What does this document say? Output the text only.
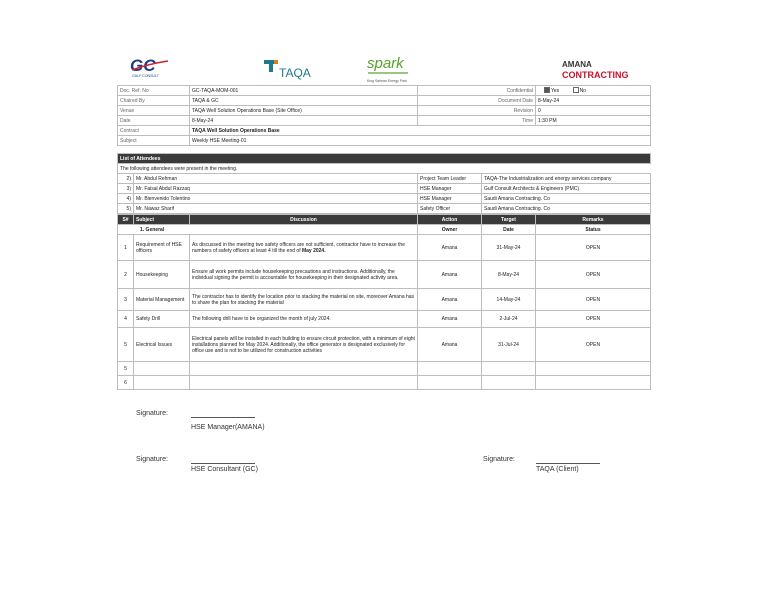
GC
GULF CONSULT	TAQA
spark
King Salman Energy Park
AMANA
CONTRACTING
Doc. Ref. No	GC-TAQA-MOM-001	Confidential	Yes No
Chaired By	TAQA & GC	Document Date	8-May-24
Venue	TAQA Well Solution Operations Base (Site Office)	Revision	0
Date	8-May-24	Time	1:30 PM
Contract	TAQA Well Solution Operations Base		
Subject	Weekly HSE Meeting-01		
List of Attendees			
The following attendees were present in the meeting.			
2)	Mr. Abdul Rehman	Project Team Leader	TAQA-The Industrialization and energy services company
3)	Mr. Faisal Abdul Razzaq	HSE Manager	Gulf Consult Architects & Engineers (PMC)
4)	Mr. Bienvenido Tolentino	HSE Manager	Saudi Amana Contracting. Co
5)	Mr. Nawaz Sharif	Safety Officer	Saudi Amana Contracting. Co
S#	Subject	Discussion	Action	Target	Remarks
1. General			Owner	Date	Status
1	Requirement of HSE officers	As discussed in the meeting two safety officers are not sufficient, contractor have to increase the numbers of safety officers at least 4 till the end of May 2024.	Amana	31-May-24	OPEN
2	Housekeeping	Ensure all work permits include housekeeping precautions and instructions. Additionally, the individual signing the permit is accountable for housekeeping in their designated activity area.	Amana	8-May-24	OPEN
3	Material Management	The contractor has to identify the location prior to stacking the material on site, moreover Amana has to share the plan for stacking the material	Amana	14-May-24	OPEN
4	Safety Drill	The following drill have to be organized the month of july 2024.	Amana	2-Jul-24	OPEN
5	Electrical Issues	Electrical panels will be installed in each building to ensure circuit protection, with a minimum of eight installations planned for May 2024. Additionally, the office generator is designated exclusively for office use and is not to be utilized for construction activities	Amana	31-Jul-24	OPEN
5					
6					
Signature:
HSE Manager(AMANA)
Signature:
HSE Consultant (GC)
Signature:
TAQA (Client)
